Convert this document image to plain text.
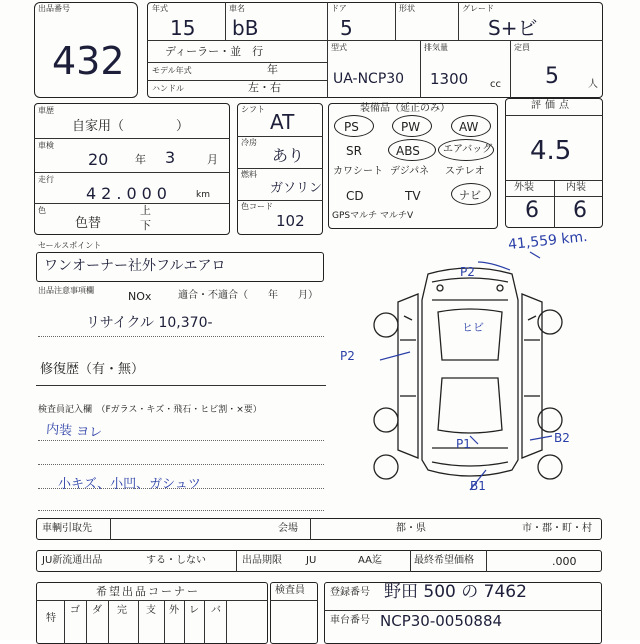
出品番号
432
年式
15
車名
bB
ドア
5
形状	グレード
S+ビ
ディーラー・並　行
モデル年式	年
ハンドル	左・右
型式
UA-NCP30
排気量
1300 cc
定員
5	人
車歴
自家用（　　　　）
車検
20 年 3	月
走行
42.000	km
色
色替
上
下
シフト
AT
冷房
あり
燃料
ガソリン
色コード
102
装備品（延正のみ）
PS	PW	AW
SR	ABS エアバッグ
カワシート デジパネ ステレオ
CD	TV	ナビ
GPSマルチ マルチV
評価点
4.5
外装	内装
6 6
41,559 km.
セールスポイント
ワンオーナー社外フルエアロ
出品注意事項欄	NOx	適合・不適合（　　年　　月）
リサイクル 10,370-
修復歴（有・無）
検査員記入欄　（Fガラス・キズ・飛石・ヒビ割・×要）
内装 ヨレ
小キズ、小凹、ガシュツ
ヒビ
P2
P2
B2
P1
B1
車輌引取先	会場	都・県	市・郡・町・村
JU新流通出品	する・しない	出品期限 JU	AA迄	最終希望価格	.000
希望出品コーナー
特
ゴ ダ 完 支 外 レ バ
検査員	登録番号 野田 500 の 7462
車台番号 NCP30-0050884
